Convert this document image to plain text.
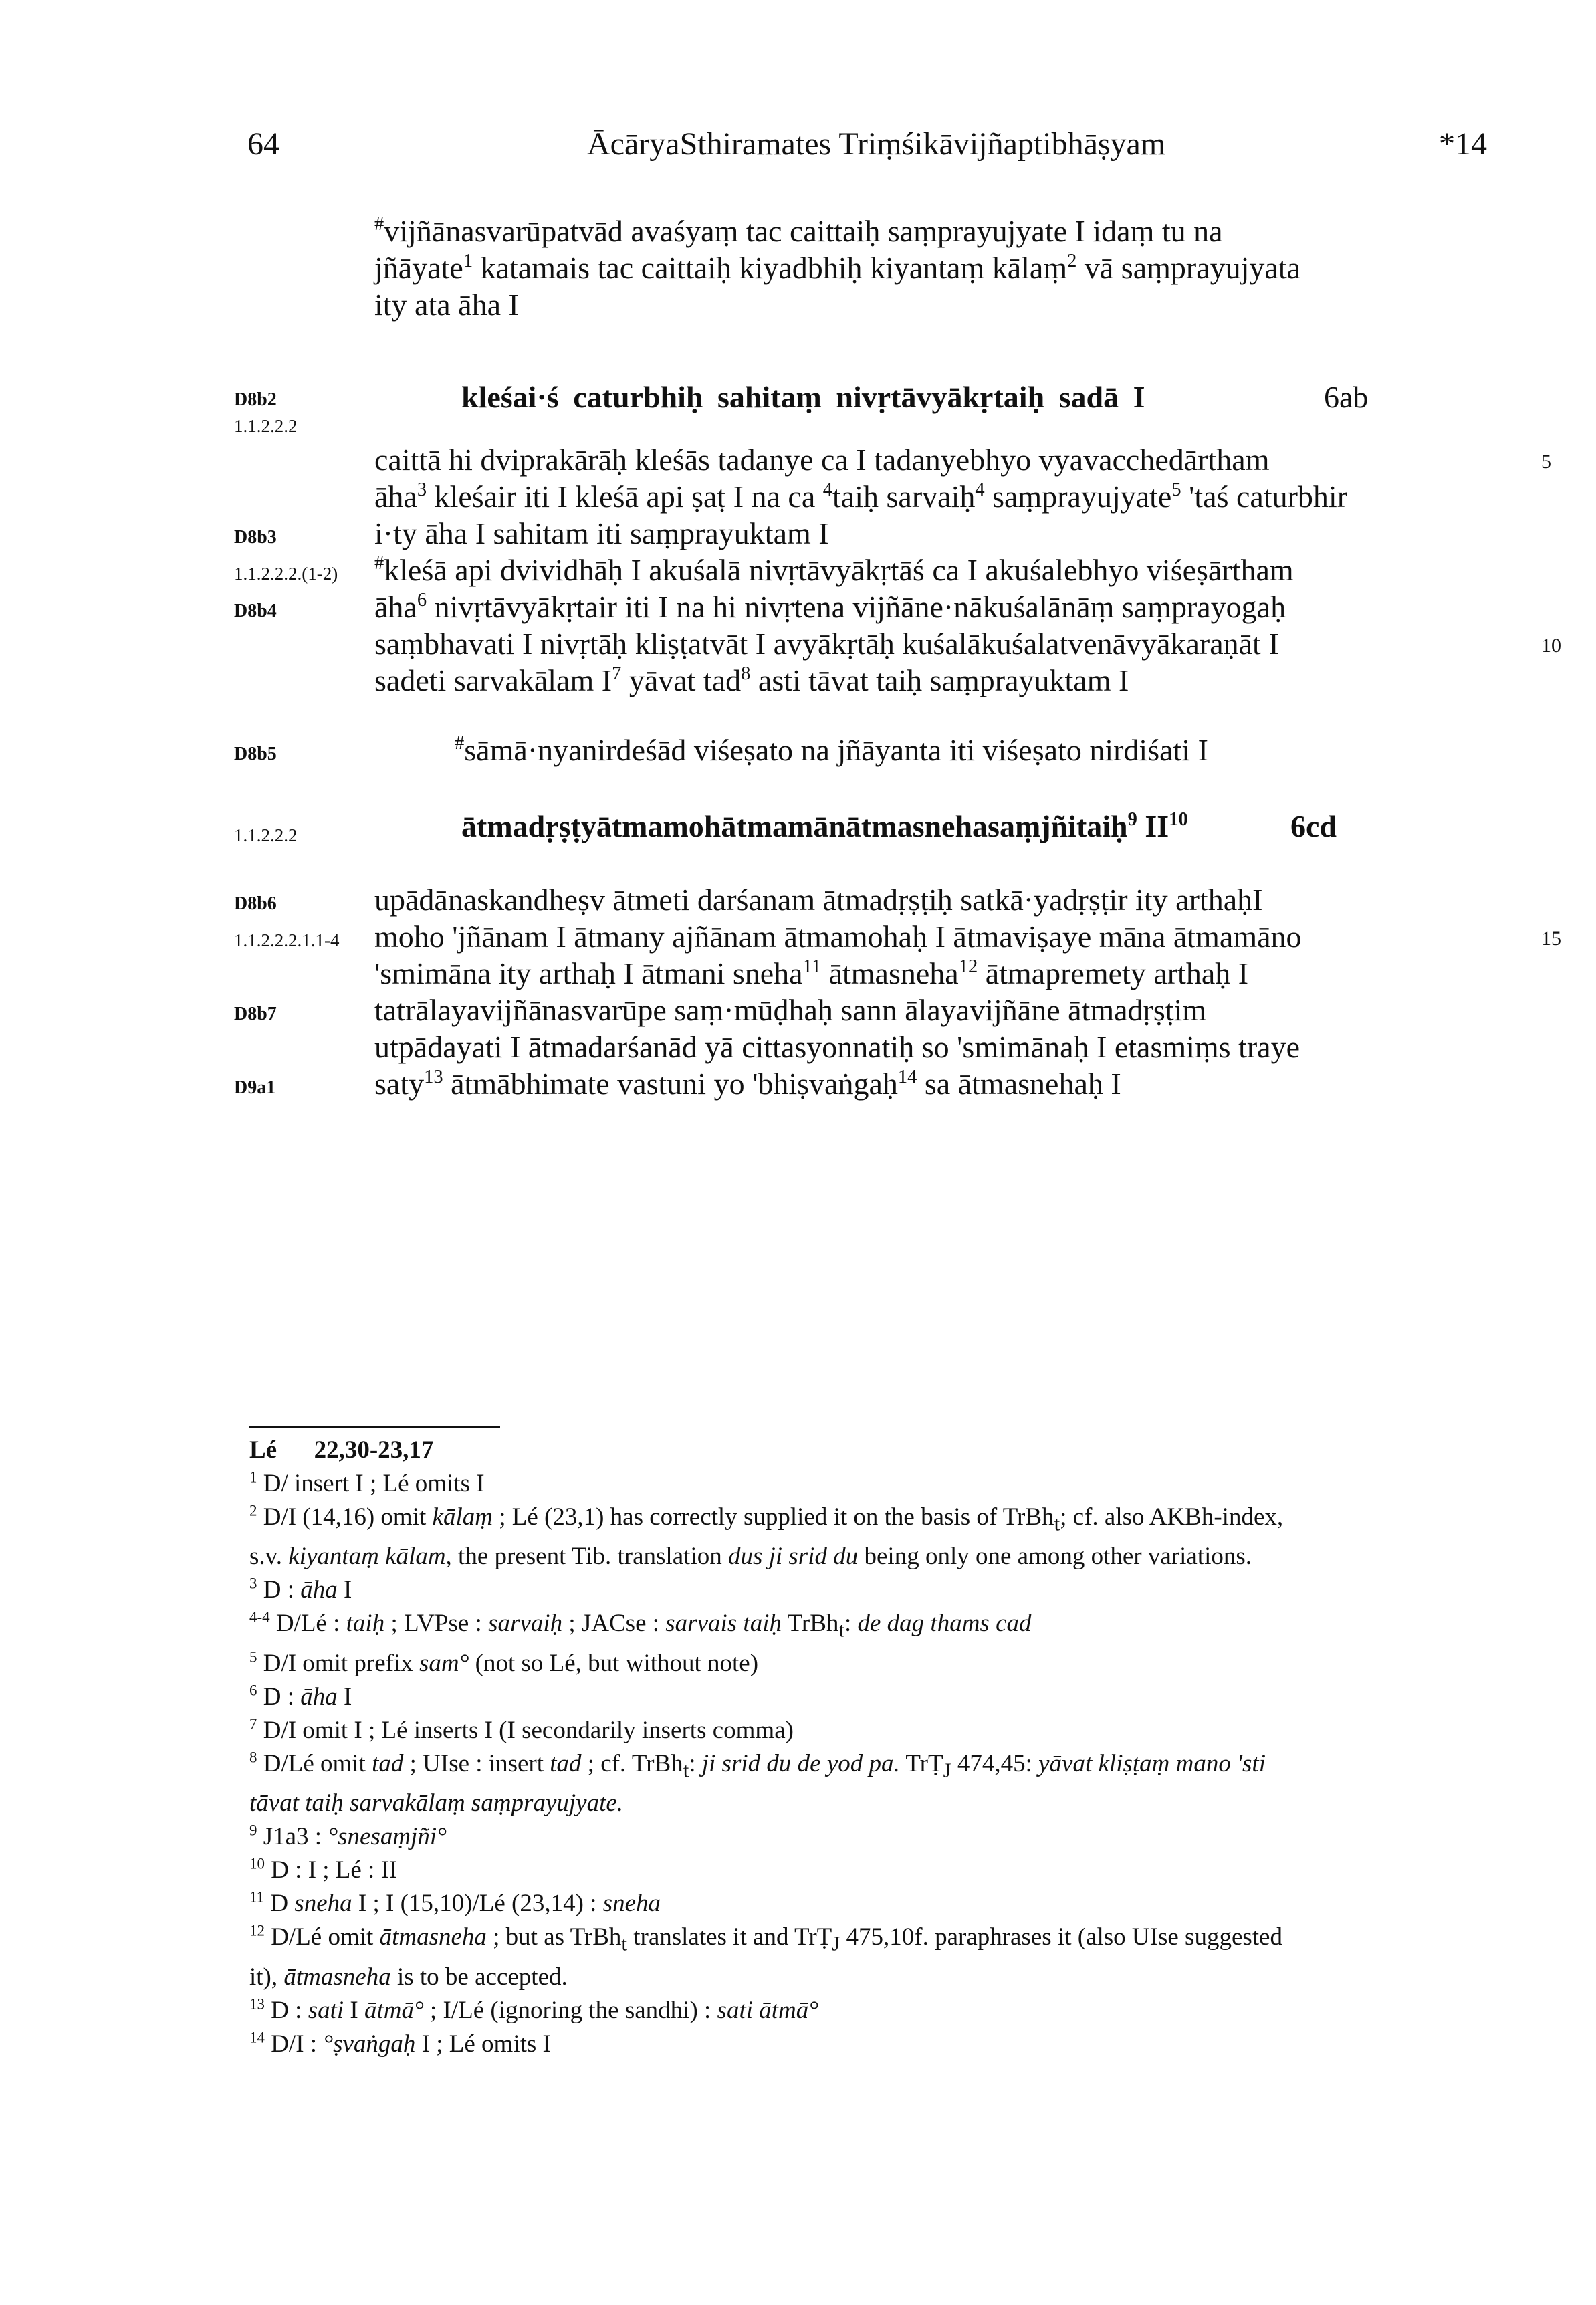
64	ĀcāryaSthiramates Triṃśikāvijñaptibhāṣyam	*14
#vijñānasvarūpatvād avaśyaṃ tac caittaiḥ saṃprayujyate I idaṃ tu na
jñāyate$^1$ katamais tac caittaiḥ kiyadbhiḥ kiyantaṃ kālaṃ$^2$ vā saṃprayujyata
ity ata āha I
D8b2
1.1.2.2.2
kleśai·ś caturbhiḥ sahitaṃ nivṛtāvyākṛtaiḥ sadā I	6ab
caittā hi dviprakārāḥ kleśās tadanye ca I tadanyebhyo vyavacchedārtham	5
āha$^3$ kleśair iti I kleśā api ṣaṭ I na ca $^4$taiḥ sarvaiḥ$^4$ saṃprayujyate$^5$ 'taś caturbhir
i·ty āha I sahitam iti saṃprayuktam I
D8b3
#kleśā api dvividhāḥ I akuśalā nivṛtāvyākṛtāś ca I akuśalebhyo viśeṣārtham
1.1.2.2.2.(1-2)
āha$^6$ nivṛtāvyākṛtair iti I na hi nivṛtena vijñāne·nākuśalānāṃ saṃprayogaḥ
D8b4
saṃbhavati I nivṛtāḥ kliṣṭatvāt I avyākṛtāḥ kuśalākuśalatvenāvyākaraṇāt I	10
sadeti sarvakālam $I^7$ yāvat tad$^8$ asti tāvat taiḥ saṃprayuktam I
D8b5
#sāmā·nyanirdeśād viśeṣato na jñāyanta iti viśeṣato nirdiśati I
1.1.2.2.2	ātmadṛṣṭyātmamohātmamānātmasnehasaṃjñitaiḥ$^9$ II$^{10}$	6cd
upādānaskandheṣv ātmeti darśanam ātmadṛṣṭiḥ satkā·yadṛṣṭir ity arthaḥI
D8b6
moho 'jñānam I ātmany ajñānam ātmamohaḥ I ātmaviṣaye māna ātmamāno
1.1.2.2.2.1.1-4	15
'smimāna ity arthaḥ I ātmani sneha$^{11}$ ātmasneha$^{12}$ ātmapremety arthaḥ I
tatrālayavijñānasvarūpe saṃ·mūḍhaḥ sann ālayavijñāne ātmadṛṣṭim
D8b7
utpādayati I ātmadarśanād yā cittasyonnatiḥ so 'smimānaḥ I etasmiṃs traye
saty$^{13}$ ātmābhimate vastuni yo 'bhiṣvaṅgaḥ$^{14}$ sa ātmasnehaḥ I
D9a1
Lé      22,30-23,17
$^1$ D/ insert I ; Lé omits I
$^2$ D/I (14,16) omit kālaṃ ; Lé (23,1) has correctly supplied it on the basis of TrBh$_t$; cf. also AKBh-index,
s.v. kiyantaṃ kālam, the present Tib. translation dus ji srid du being only one among other variations.
$^3$ D : āha I
$^{4-4}$ D/Lé : taiḥ ; LVPse : sarvaiḥ ; JACse : sarvais taiḥ TrBh$_t$: de dag thams cad
$^5$ D/I omit prefix sam° (not so Lé, but without note)
$^6$ D : āha I
$^7$ D/I omit I ; Lé inserts I (I secondarily inserts comma)
$^8$ D/Lé omit tad ; UIse : insert tad ; cf. TrBh$_t$: ji srid du de yod pa. TrṬ$_J$ 474,45: yāvat kliṣṭaṃ mano 'sti
tāvat taiḥ sarvakālaṃ saṃprayujyate.
$^9$ J1a3 : °snesaṃjñi°
$^{10}$ D : I ; Lé : II
$^{11}$ D sneha I ; I (15,10)/Lé (23,14) : sneha
$^{12}$ D/Lé omit ātmasneha ; but as TrBh$_t$ translates it and TrṬ$_J$ 475,10f. paraphrases it (also UIse suggested
it), ātmasneha is to be accepted.
$^{13}$ D : sati I ātmā° ; I/Lé (ignoring the sandhi) : sati ātmā°
$^{14}$ D/I : °ṣvaṅgaḥ I ; Lé omits I
